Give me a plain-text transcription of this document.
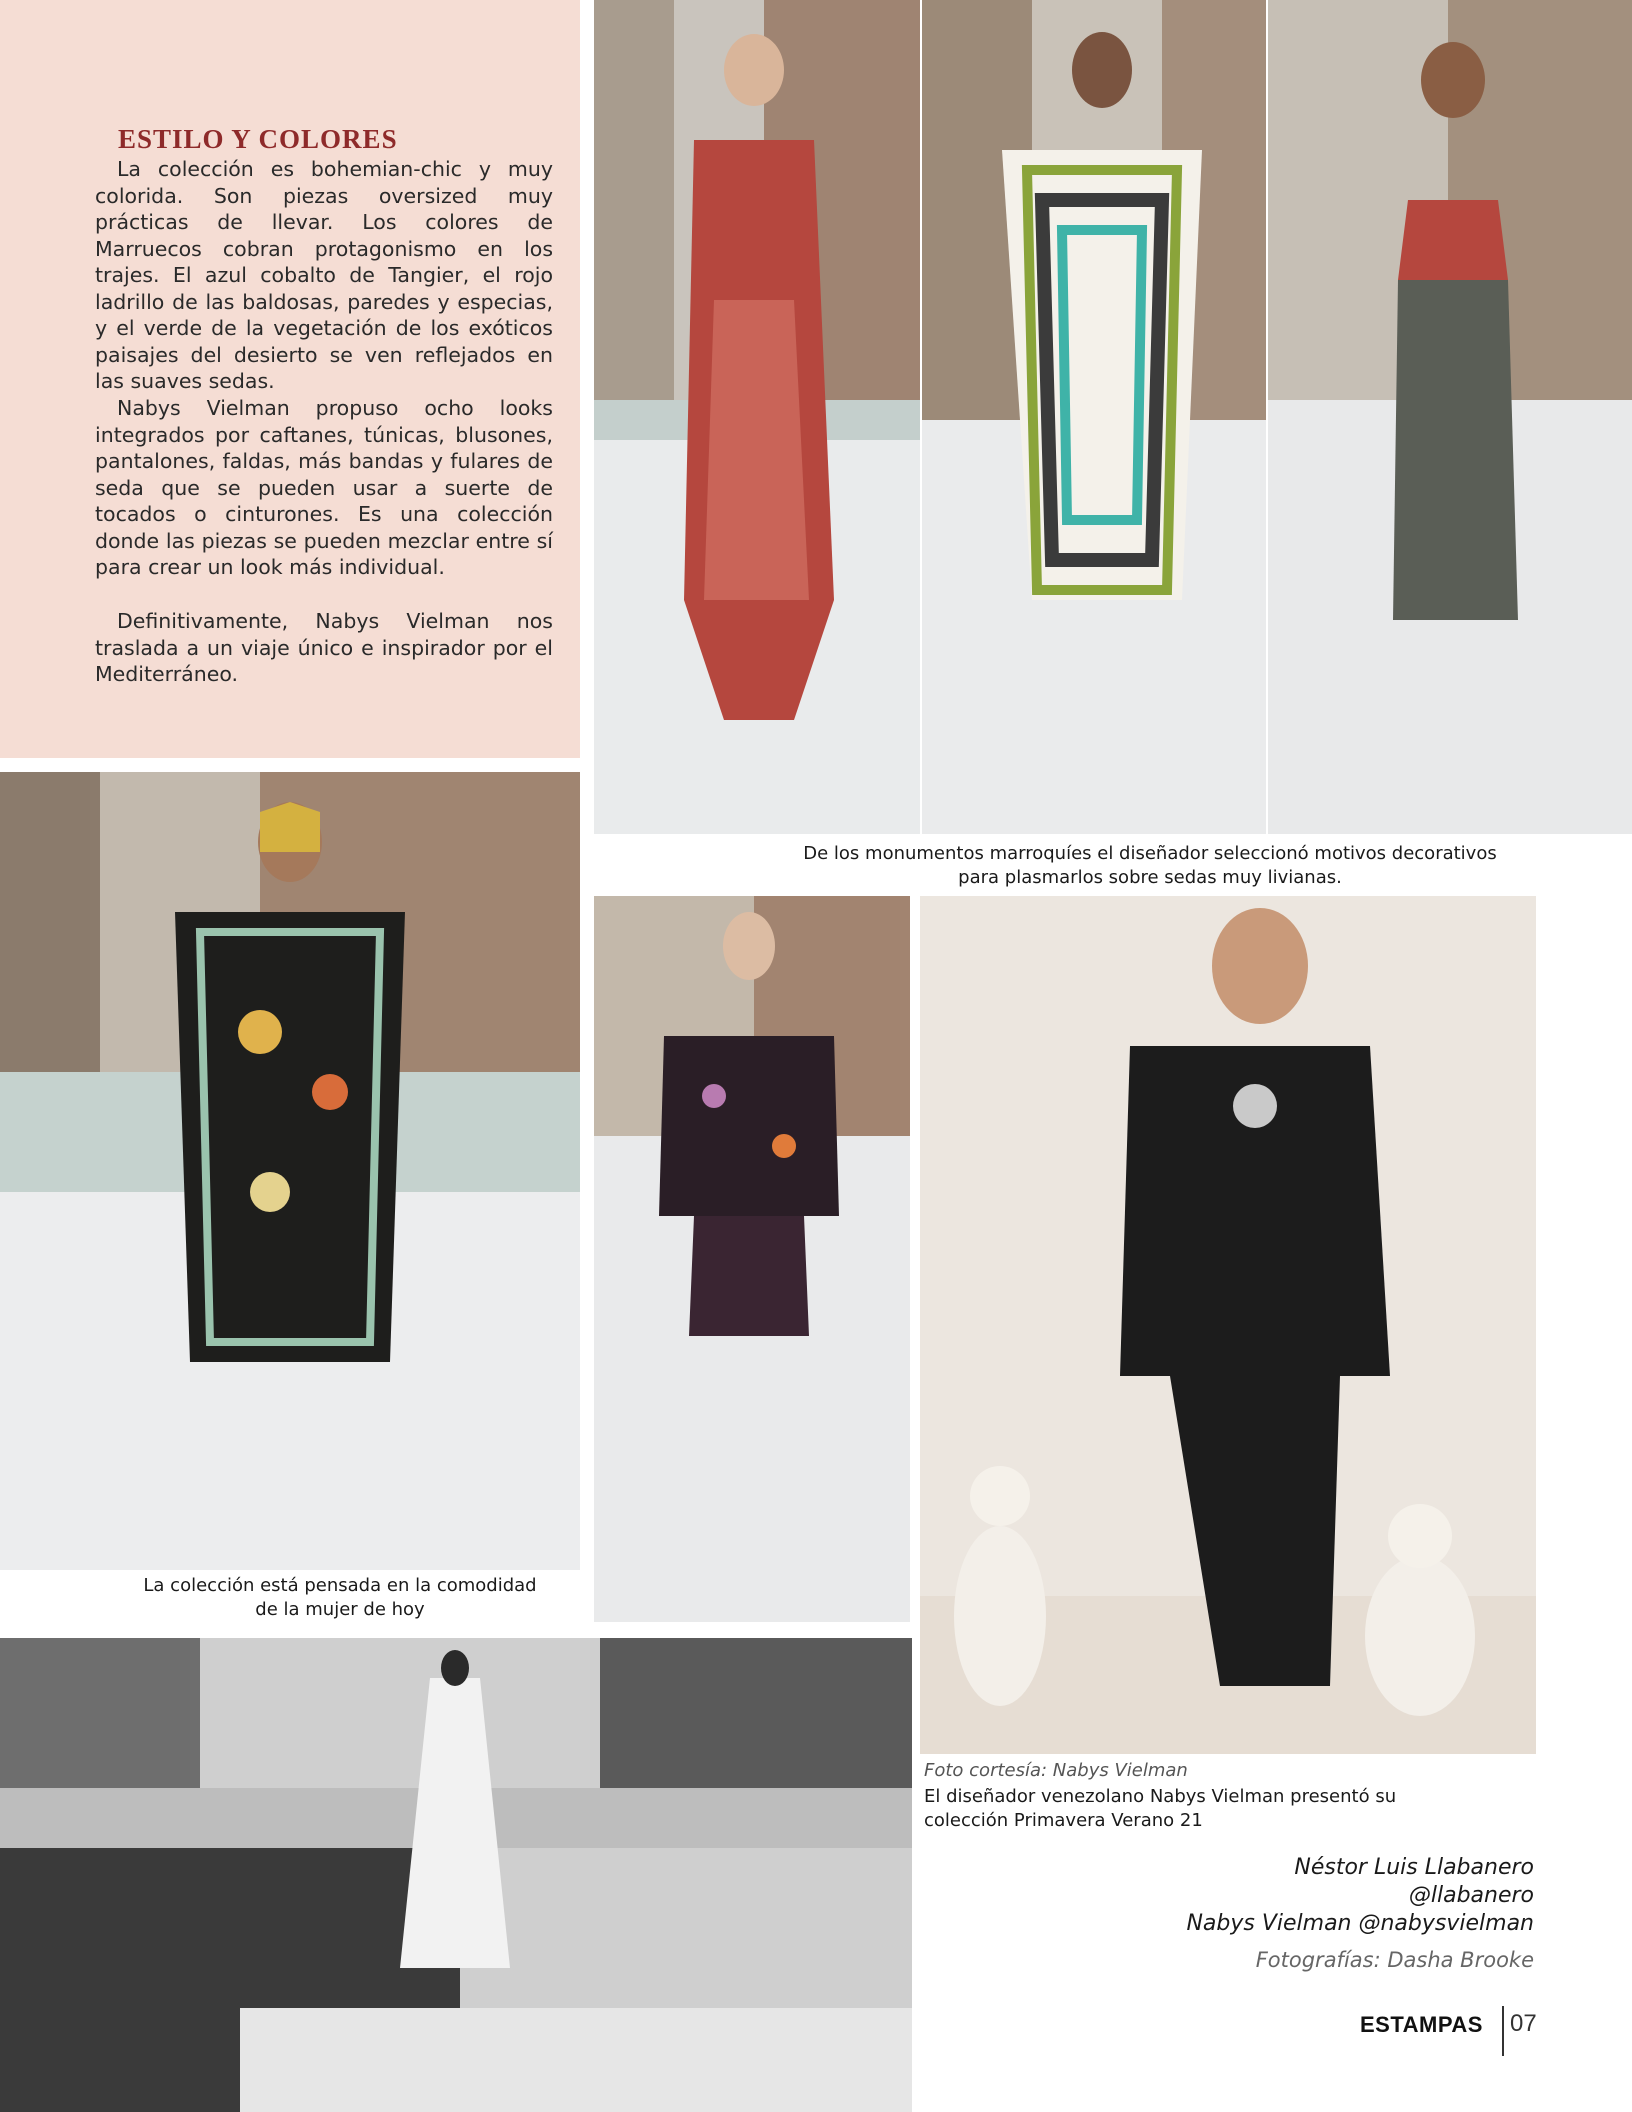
ESTILO Y COLORES

La colección es bohemian-chic y muy colorida. Son piezas oversized muy prácticas de llevar. Los colores de Marruecos cobran protagonismo en los trajes. El azul cobalto de Tangier, el rojo ladrillo de las baldosas, paredes y especias, y el verde de la vegetación de los exóticos paisajes del desierto se ven reflejados en las suaves sedas.

Nabys Vielman propuso ocho looks integrados por caftanes, túnicas, blusones, pantalones, faldas, más bandas y fulares de seda que se pueden usar a suerte de tocados o cinturones. Es una colección donde las piezas se pueden mezclar entre sí para crear un look más individual.

Definitivamente, Nabys Vielman nos traslada a un viaje único e inspirador por el Mediterráneo.

De los monumentos marroquíes el diseñador seleccionó motivos decorativos para plasmarlos sobre sedas muy livianas.

La colección está pensada en la comodidad de la mujer de hoy

Foto cortesía: Nabys Vielman

El diseñador venezolano Nabys Vielman presentó su colección Primavera Verano 21

Néstor Luis Llabanero
@llabanero
Nabys Vielman @nabysvielman
Fotografías: Dasha Brooke
ESTAMPAS 07
